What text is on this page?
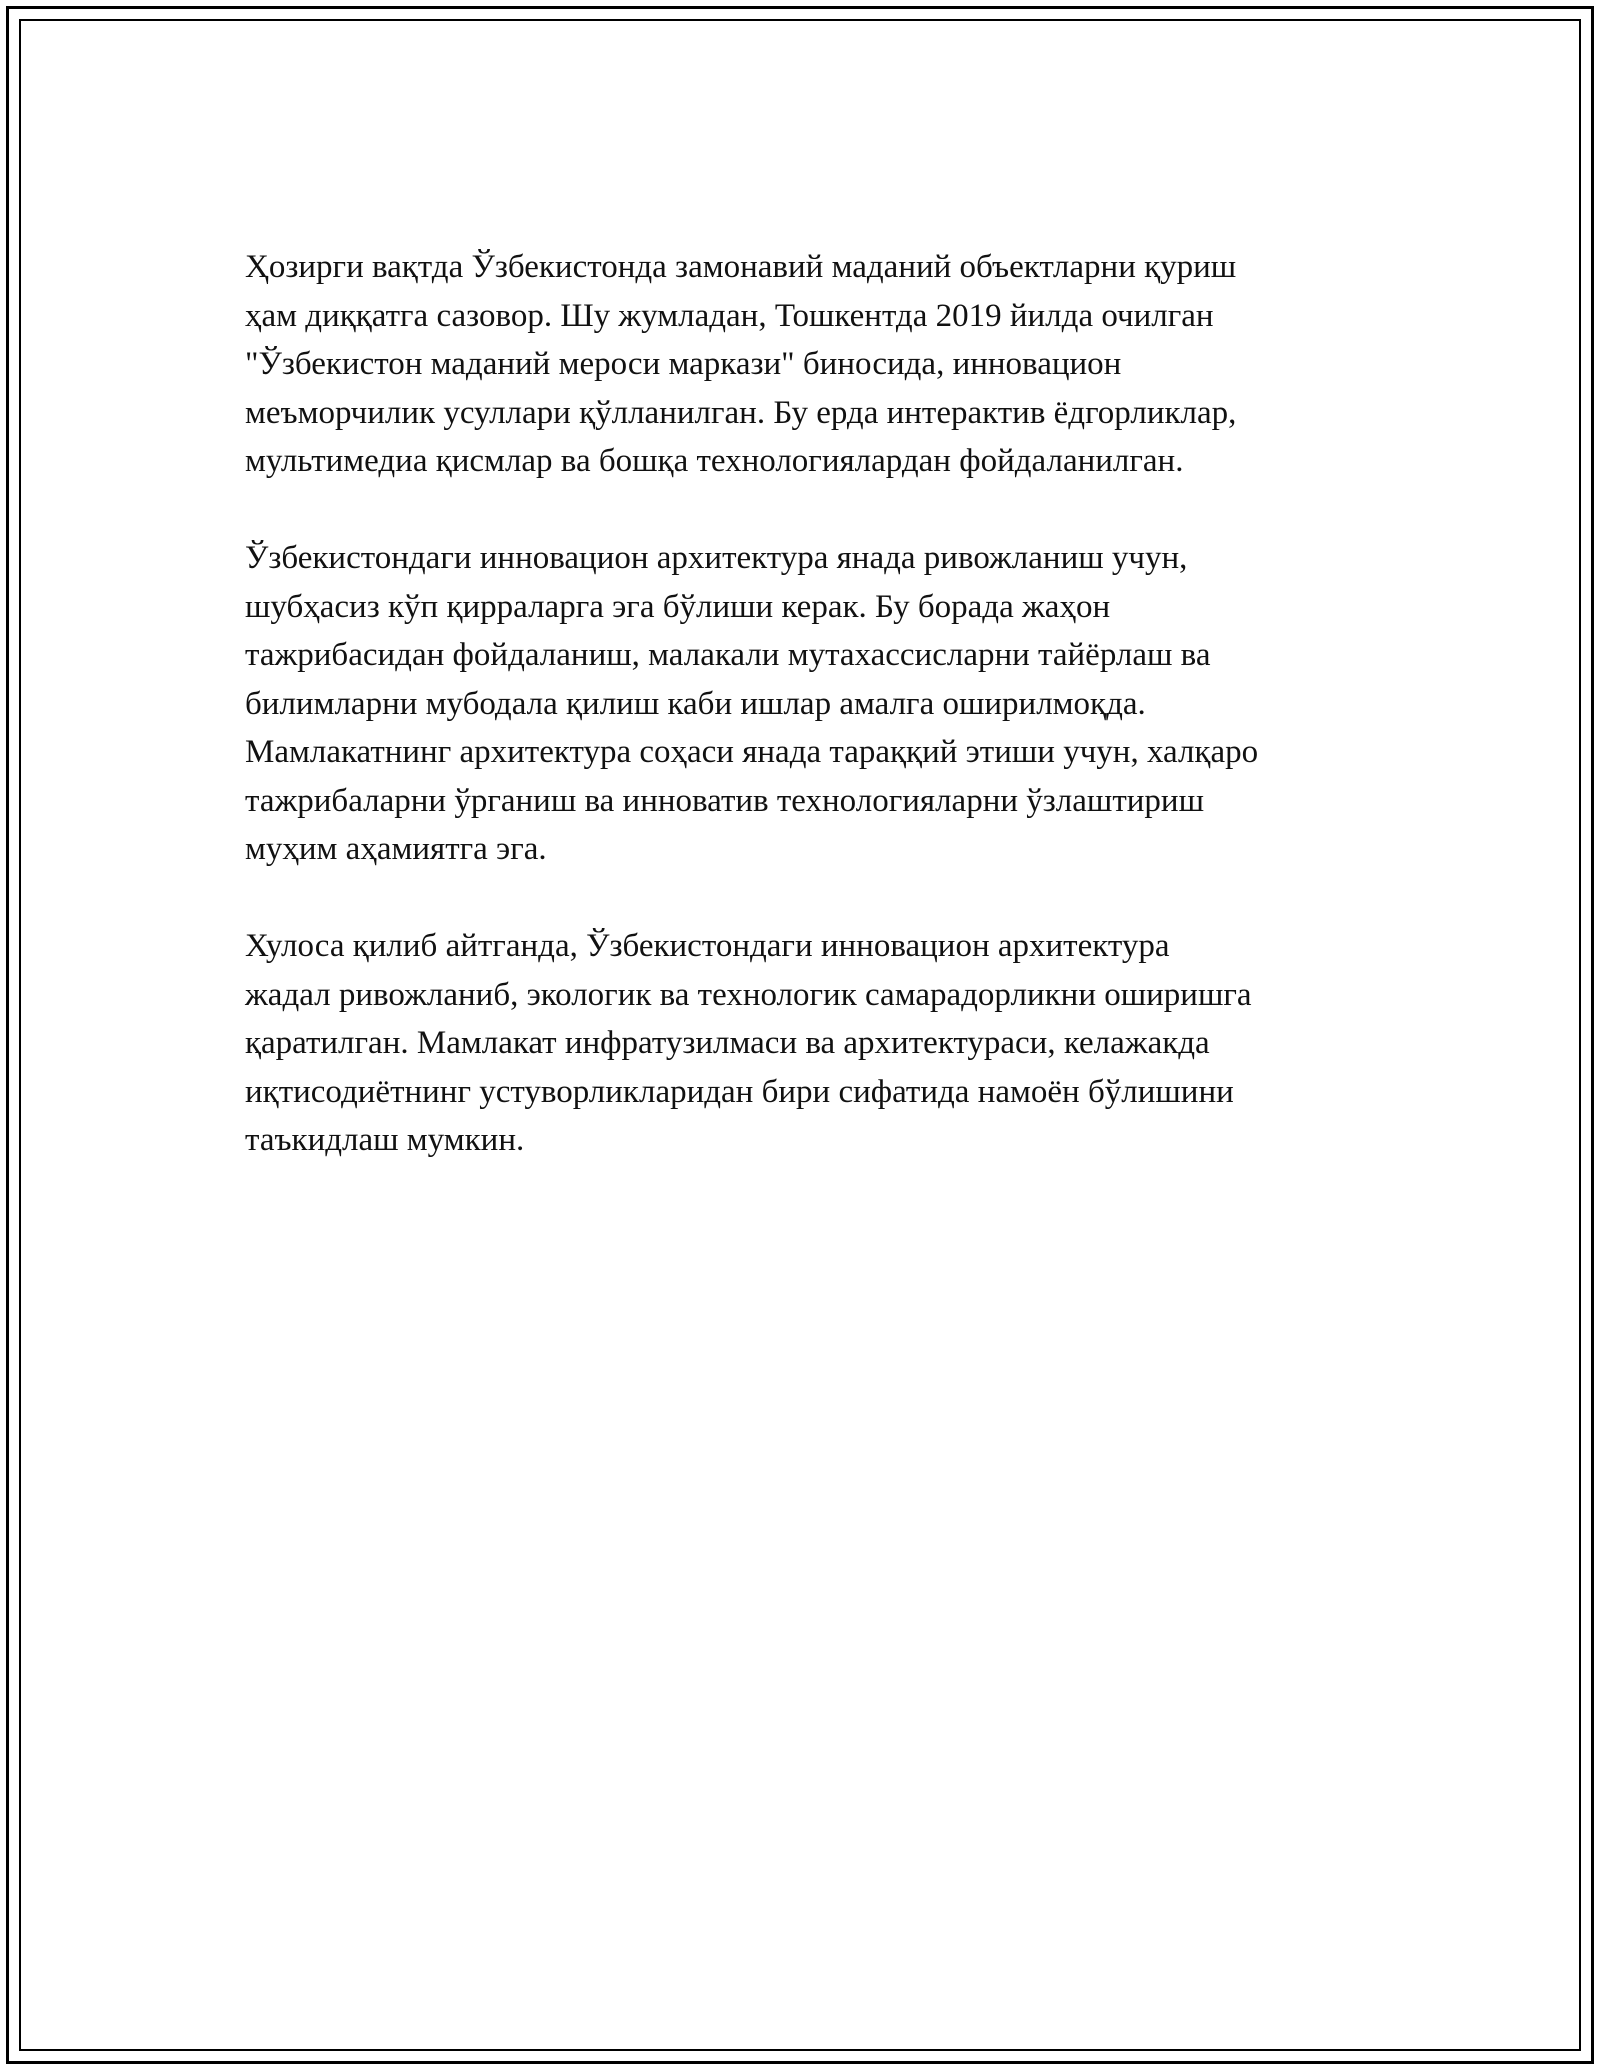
Ҳозирги вақтда Ўзбекистонда замонавий маданий объектларни қуриш
ҳам диққатга сазовор. Шу жумладан, Тошкентда 2019 йилда очилган
"Ўзбекистон маданий мероси маркази" биносида, инновацион
меъморчилик усуллари қўлланилган. Бу ерда интерактив ёдгорликлар,
мультимедиа қисмлар ва бошқа технологиялардан фойдаланилган.

Ўзбекистондаги инновацион архитектура янада ривожланиш учун,
шубҳасиз кўп қирраларга эга бўлиши керак. Бу борада жаҳон
тажрибасидан фойдаланиш, малакали мутахассисларни тайёрлаш ва
билимларни мубодала қилиш каби ишлар амалга оширилмоқда.
Мамлакатнинг архитектура соҳаси янада тараққий этиши учун, халқаро
тажрибаларни ўрганиш ва инноватив технологияларни ўзлаштириш
муҳим аҳамиятга эга.

Хулоса қилиб айтганда, Ўзбекистондаги инновацион архитектура
жадал ривожланиб, экологик ва технологик самарадорликни оширишга
қаратилган. Мамлакат инфратузилмаси ва архитектураси, келажакда
иқтисодиётнинг устуворликларидан бири сифатида намоён бўлишини
таъкидлаш мумкин.
